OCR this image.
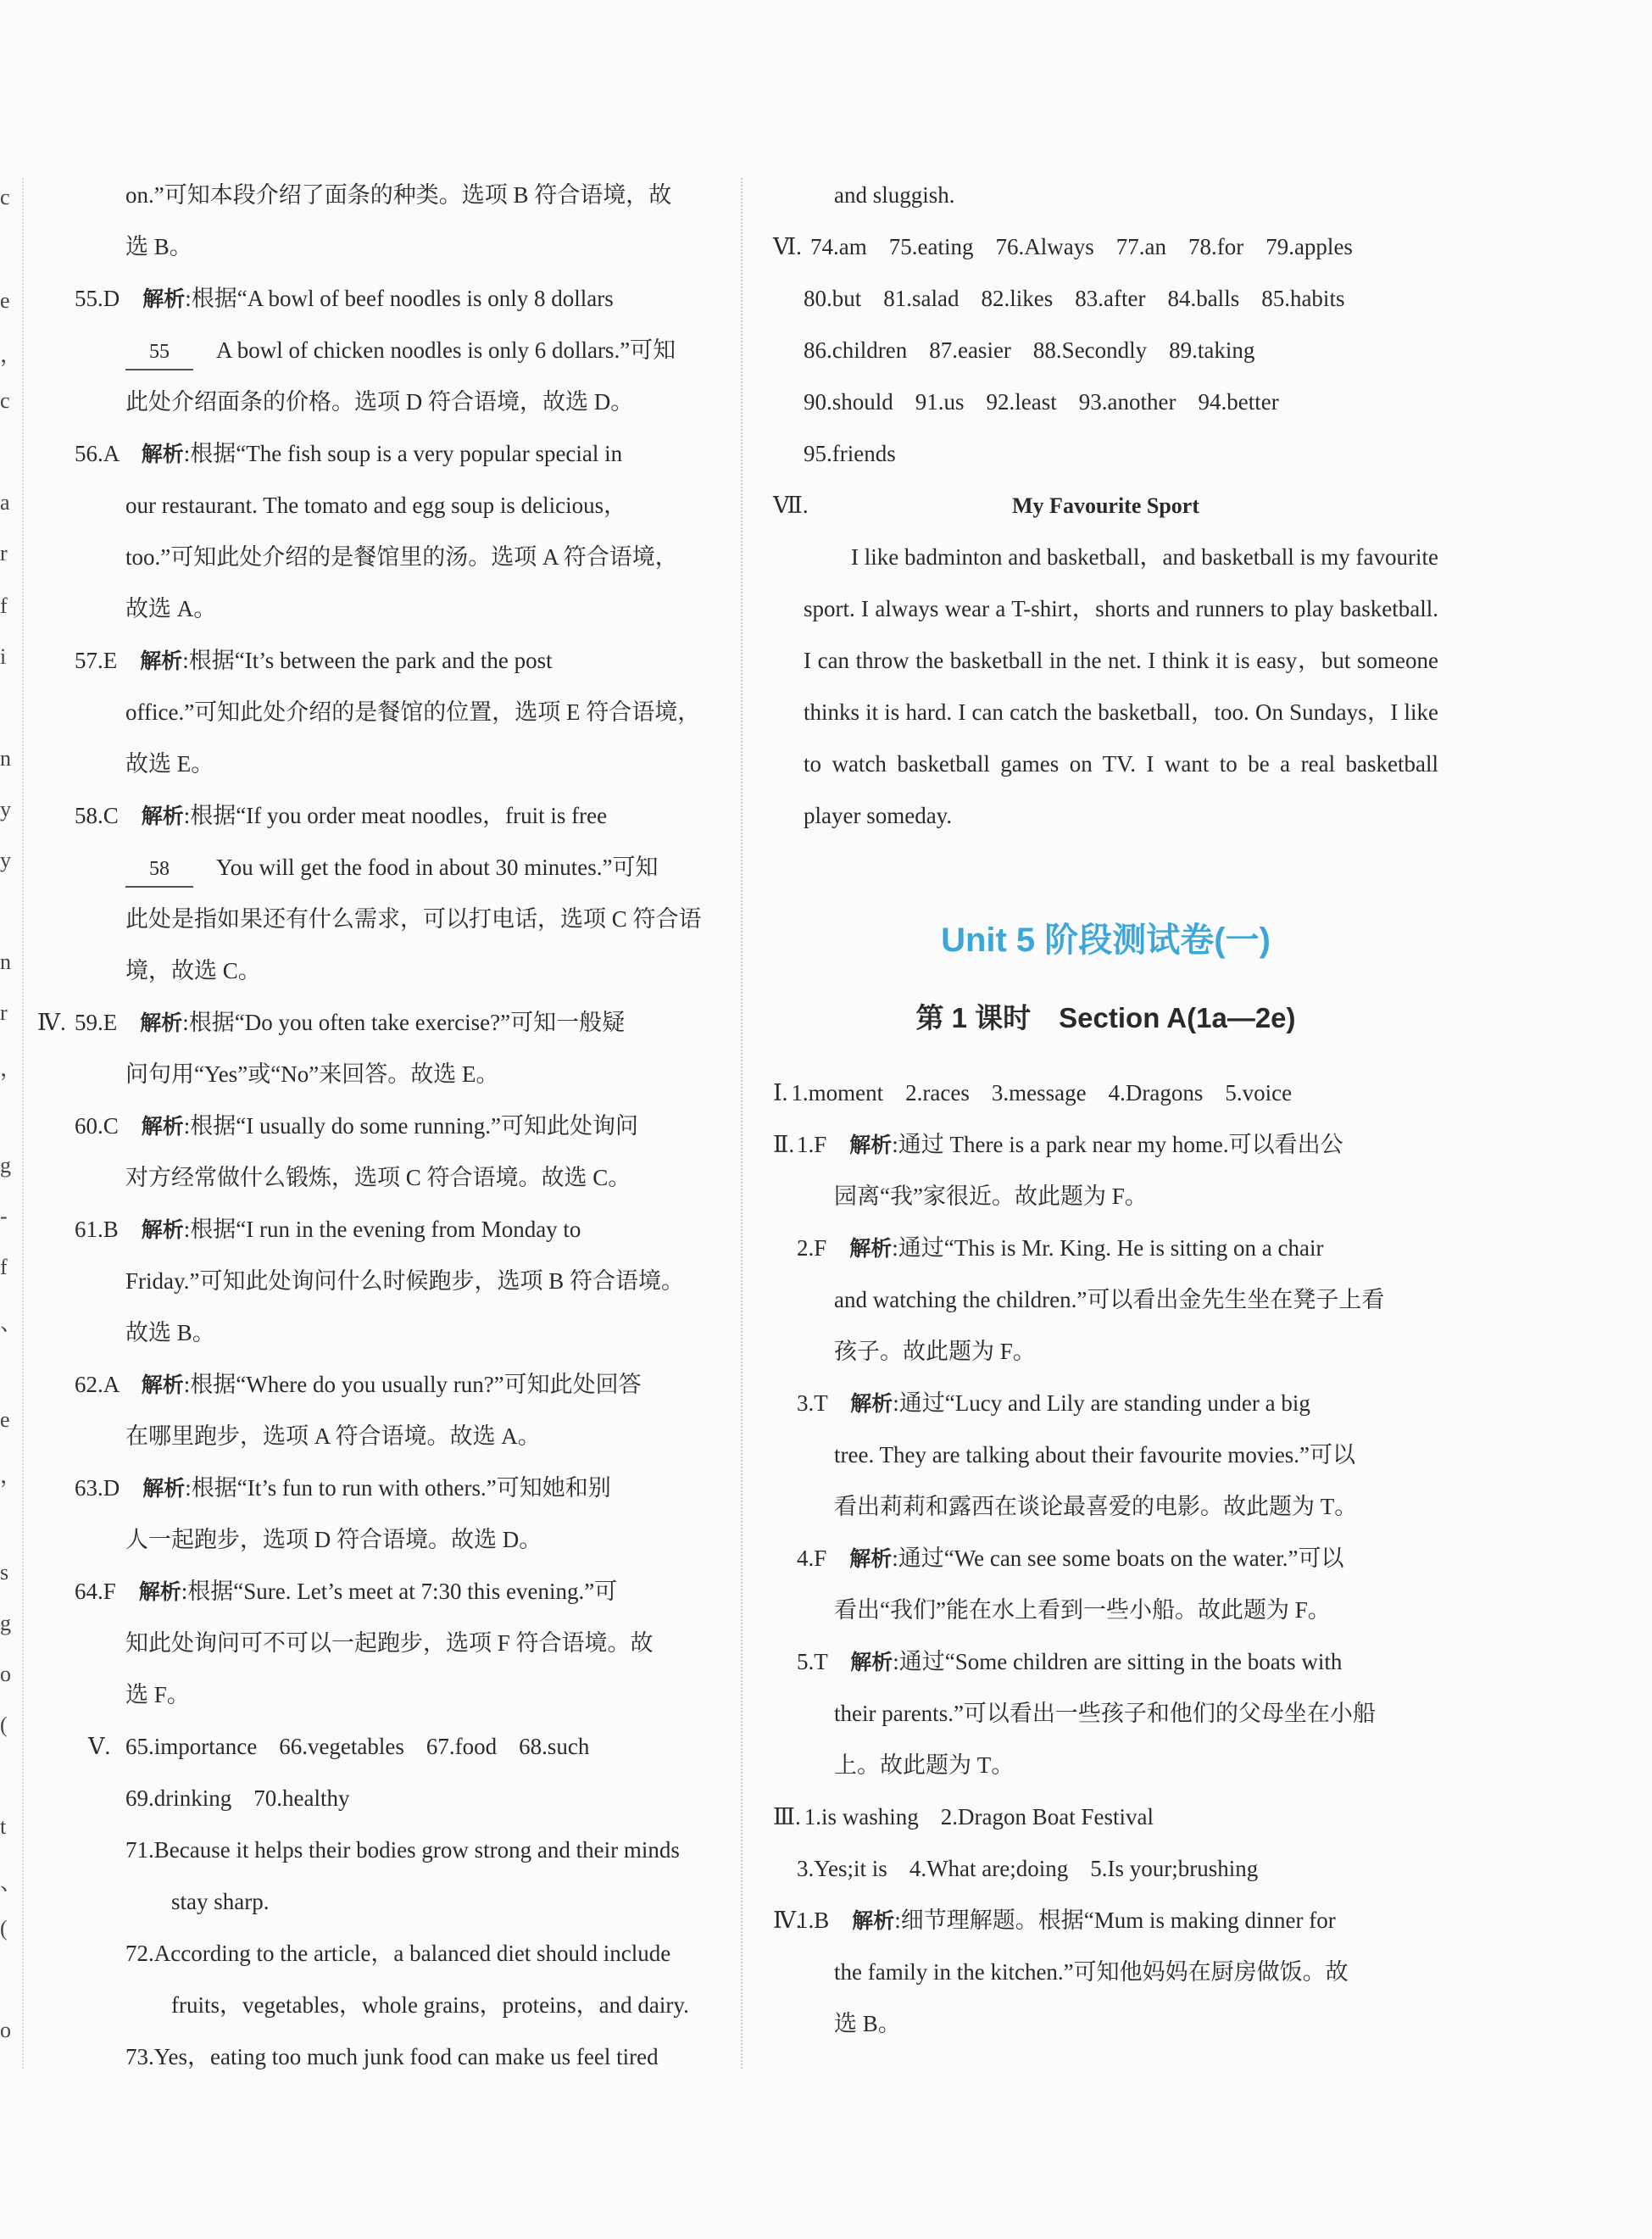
c
e
，
c
a
r
f
i
n
y
y
n
r
，
g
-
f
、
e
，
s
g
o
(
t
、
(
o
on.”可知本段介绍了面条的种类。选项 B 符合语境，故
选 B。
55.D　 解析:根据“A bowl of beef noodles is only 8 dollars
55　 A bowl of chicken noodles is only 6 dollars.”可知
此处介绍面条的价格。选项 D 符合语境，故选 D。
56.A　 解析:根据“The fish soup is a very popular special in
our restaurant. The tomato and egg soup is delicious，
too.”可知此处介绍的是餐馆里的汤。选项 A 符合语境，
故选 A。
57.E　 解析:根据“It’s between the park and the post
office.”可知此处介绍的是餐馆的位置，选项 E 符合语境，
故选 E。
58.C　 解析:根据“If you order meat noodles，fruit is free
58　 You will get the food in about 30 minutes.”可知
此处是指如果还有什么需求，可以打电话，选项 C 符合语
境，故选 C。
Ⅳ. 59.E　 解析:根据“Do you often take exercise?”可知一般疑
问句用“Yes”或“No”来回答。故选 E。
60.C　 解析:根据“I usually do some running.”可知此处询问
对方经常做什么锻炼，选项 C 符合语境。故选 C。
61.B　 解析:根据“I run in the evening from Monday to
Friday.”可知此处询问什么时候跑步，选项 B 符合语境。
故选 B。
62.A　 解析:根据“Where do you usually run?”可知此处回答
在哪里跑步，选项 A 符合语境。故选 A。
63.D　 解析:根据“It’s fun to run with others.”可知她和别
人一起跑步，选项 D 符合语境。故选 D。
64.F　 解析:根据“Sure. Let’s meet at 7:30 this evening.”可
知此处询问可不可以一起跑步，选项 F 符合语境。故
选 F。
Ⅴ. 65.importance 66.vegetables 67.food 68.such
69.drinking 70.healthy
71.Because it helps their bodies grow strong and their minds
　　stay sharp.
72.According to the article，a balanced diet should include
　　fruits，vegetables，whole grains，proteins，and dairy.
73.Yes，eating too much junk food can make us feel tired
and sluggish.
Ⅵ. 74.am 75.eating 76.Always 77.an 78.for 79.apples
80.but 81.salad 82.likes 83.after 84.balls 85.habits
86.children 87.easier 88.Secondly 89.taking
90.should 91.us 92.least 93.another 94.better
95.friends
Ⅶ.	My Favourite Sport
I like badminton and basketball，and basketball is my favourite sport. I always wear a T-shirt，shorts and runners to play basketball. I can throw the basketball in the net. I think it is easy，but someone thinks it is hard. I can catch the basketball，too. On Sundays，I like to watch basketball games on TV. I want to be a real basketball player someday.
Unit 5 阶段测试卷(一)
第 1 课时　Section A(1a—2e)
Ⅰ. 1.moment 2.races 3.message 4.Dragons 5.voice
Ⅱ. 1.F　 解析:通过 There is a park near my home.可以看出公
园离“我”家很近。故此题为 F。
2.F　 解析:通过“This is Mr. King. He is sitting on a chair
and watching the children.”可以看出金先生坐在凳子上看
孩子。故此题为 F。
3.T　 解析:通过“Lucy and Lily are standing under a big
tree. They are talking about their favourite movies.”可以
看出莉莉和露西在谈论最喜爱的电影。故此题为 T。
4.F　 解析:通过“We can see some boats on the water.”可以
看出“我们”能在水上看到一些小船。故此题为 F。
5.T　 解析:通过“Some children are sitting in the boats with
their parents.”可以看出一些孩子和他们的父母坐在小船
上。故此题为 T。
Ⅲ. 1.is washing 2.Dragon Boat Festival
3.Yes;it is 4.What are;doing 5.Is your;brushing
Ⅳ.1.B　 解析:细节理解题。根据“Mum is making dinner for
the family in the kitchen.”可知他妈妈在厨房做饭。故
选 B。
